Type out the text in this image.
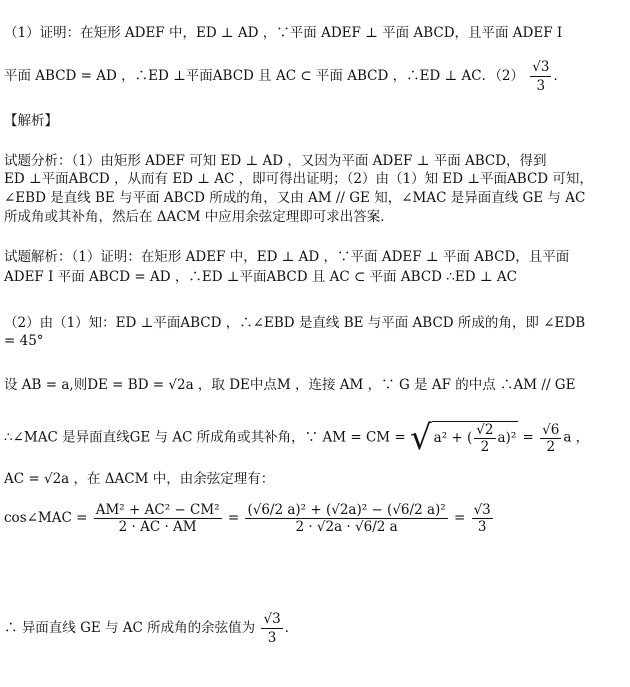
（1）证明：在矩形 ADEF 中，ED ⊥ AD ，∵平面 ADEF ⊥ 平面 ABCD，且平面 ADEF Ⅰ
平面 ABCD = AD ，∴ED ⊥平面ABCD 且 AC ⊂ 平面 ABCD ，∴ED ⊥ AC．$(2) \frac{√3}{3}$ ．
【解析】
试题分析：（1）由矩形 ADEF 可知 ED ⊥ AD ，又因为平面 ADEF ⊥ 平面 ABCD，得到
ED ⊥平面ABCD ，从而有 ED ⊥ AC ，即可得出证明；（2）由（1）知 ED ⊥平面ABCD 可知，
∠EBD 是直线 BE 与平面 ABCD 所成的角，又由 AM // GE 知，∠MAC 是异面直线 GE 与 AC
所成角或其补角，然后在 ΔACM 中应用余弦定理即可求出答案．
试题解析：（1）证明：在矩形 ADEF 中，ED ⊥ AD ，∵平面 ADEF ⊥ 平面 ABCD，且平面
ADEF Ⅰ 平面 ABCD = AD ，∴ED ⊥平面ABCD 且 AC ⊂ 平面 ABCD ∴ED ⊥ AC
（2）由（1）知：ED ⊥平面ABCD ，∴∠EBD 是直线 BE 与平面 ABCD 所成的角，即 ∠EDB
= 45°
设 AB = a,则DE = BD = √2a ，取 DE中点M ，连接 AM ，∵ G 是 AF 的中点 ∴AM // GE
∴∠MAC 是异面直线GE 与 AC 所成角或其补角，∵ AM = CM = √ a² + ( $\frac{√2}{2} a)^2 = \frac{√6}{2}$ a ，
AC = √2a ，在 ΔACM 中，由余弦定理有：
cos∠MAC = $\frac{\text{AM² + AC² − CM²}}{2 \cdot AC \cdot AM} = \frac{\text{(√6/2 a)² + (√2a)² − (√6/2 a)²}}{2 \cdot √2a \cdot √6/2 a} = \frac{√3}{3}$
∴ 异面直线 GE 与 AC 所成角的余弦值为 $\frac{√3}{3}$ ．
